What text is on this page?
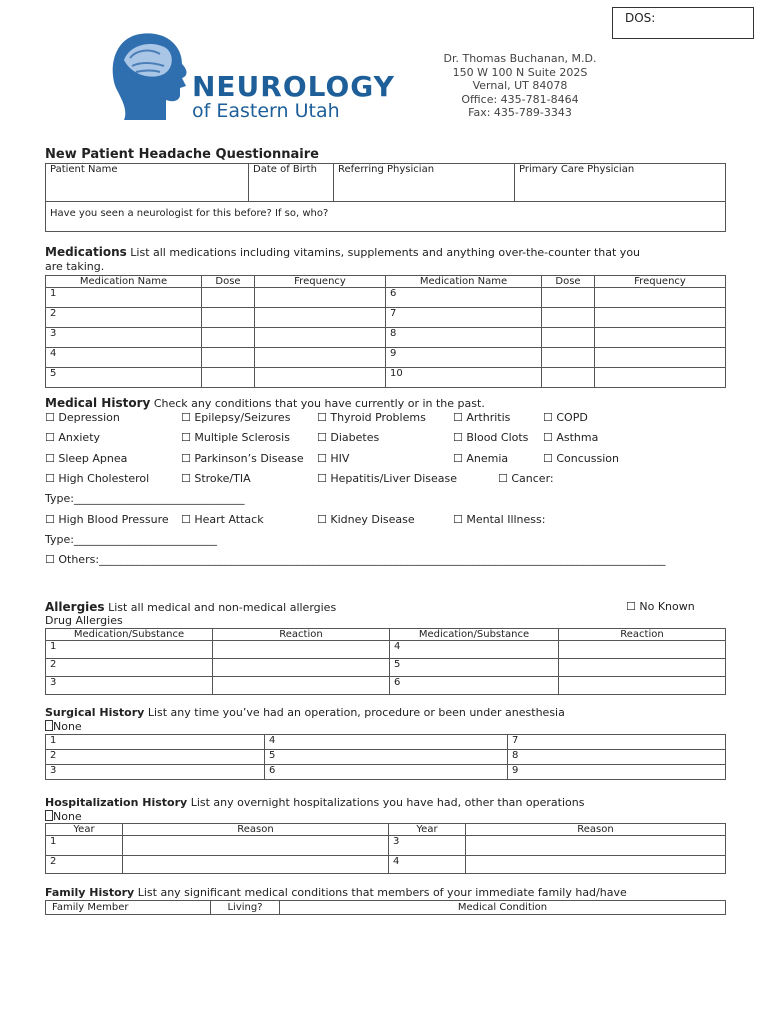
DOS:
NEUROLOGY
of Eastern Utah
Dr. Thomas Buchanan, M.D.
150 W 100 N Suite 202S
Vernal, UT 84078
Office: 435-781-8464
Fax: 435-789-3343
New Patient Headache Questionnaire
Patient Name	Date of Birth	Referring Physician	Primary Care Physician
Have you seen a neurologist for this before? If so, who?
Medications List all medications including vitamins, supplements and anything over-the-counter that you
are taking.
Medication Name	Dose	Frequency	Medication Name	Dose	Frequency
1			6		
2			7		
3			8		
4			9		
5			10		
Medical History Check any conditions that you have currently or in the past.
☐ Depression	☐ Epilepsy/Seizures	☐ Thyroid Problems	☐ Arthritis	☐ COPD
☐ Anxiety	☐ Multiple Sclerosis	☐ Diabetes	☐ Blood Clots	☐ Asthma
☐ Sleep Apnea	☐ Parkinson’s Disease	☐ HIV	☐ Anemia	☐ Concussion
☐ High Cholesterol	☐ Stroke/TIA	☐ Hepatitis/Liver Disease	☐ Cancer:
Type:_______________________________
☐ High Blood Pressure	☐ Heart Attack	☐ Kidney Disease	☐ Mental Illness:
Type:__________________________
☐ Others:_______________________________________________________________________________________________________
Allergies List all medical and non-medical allergies	☐ No Known
Drug Allergies
Medication/Substance	Reaction	Medication/Substance	Reaction
1		4	
2		5	
3		6	
Surgical History List any time you’ve had an operation, procedure or been under anesthesia
None
1	4	7
2	5	8
3	6	9
Hospitalization History List any overnight hospitalizations you have had, other than operations
None
Year	Reason	Year	Reason
1		3	
2		4	
Family History List any significant medical conditions that members of your immediate family had/have
Family Member	Living?	Medical Condition
